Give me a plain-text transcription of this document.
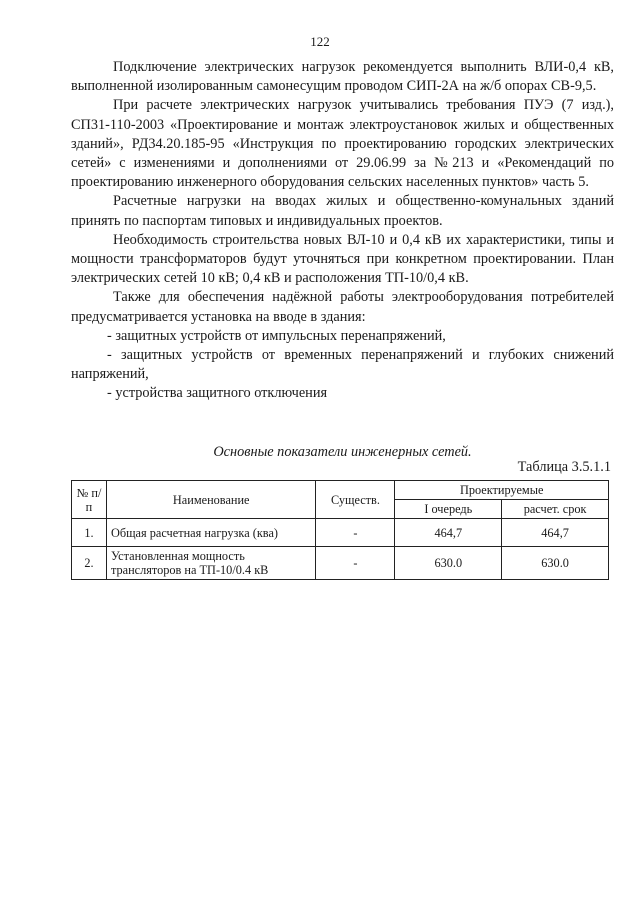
122

Подключение электрических нагрузок рекомендуется выполнить ВЛИ-0,4 кВ, выполненной изолированным самонесущим проводом СИП-2А на ж/б опорах СВ-9,5.

При расчете электрических нагрузок учитывались требования ПУЭ (7 изд.), СП31-110-2003 «Проектирование и монтаж электроустановок жилых и общественных зданий», РД34.20.185-95 «Инструкция по проектированию городских электрических сетей» с изменениями и дополнениями от 29.06.99 за №213 и «Рекомендаций по проектированию инженерного оборудования сельских населенных пунктов» часть 5.

Расчетные нагрузки на вводах жилых и общественно-комунальных зданий принять по паспортам типовых и индивидуальных проектов.

Необходимость строительства новых ВЛ-10 и 0,4 кВ их характеристики, типы и мощности трансформаторов будут уточняться при конкретном проектировании. План электрических сетей 10 кВ; 0,4 кВ и расположения ТП-10/0,4 кВ.

Также для обеспечения надёжной работы электрооборудования потребителей предусматривается установка на вводе в здания:

- защитных устройств от импульсных перенапряжений,

- защитных устройств от временных перенапряжений и глубоких снижений напряжений,

- устройства защитного отключения

Основные показатели инженерных сетей.
Таблица 3.5.1.1
№ п/п	Наименование	Существ.	Проектируемые	
			I очередь	расчет. срок
1.	Общая расчетная нагрузка (ква)	-	464,7	464,7
2.	Установленная мощность трансляторов на ТП-10/0.4 кВ	-	630.0	630.0
